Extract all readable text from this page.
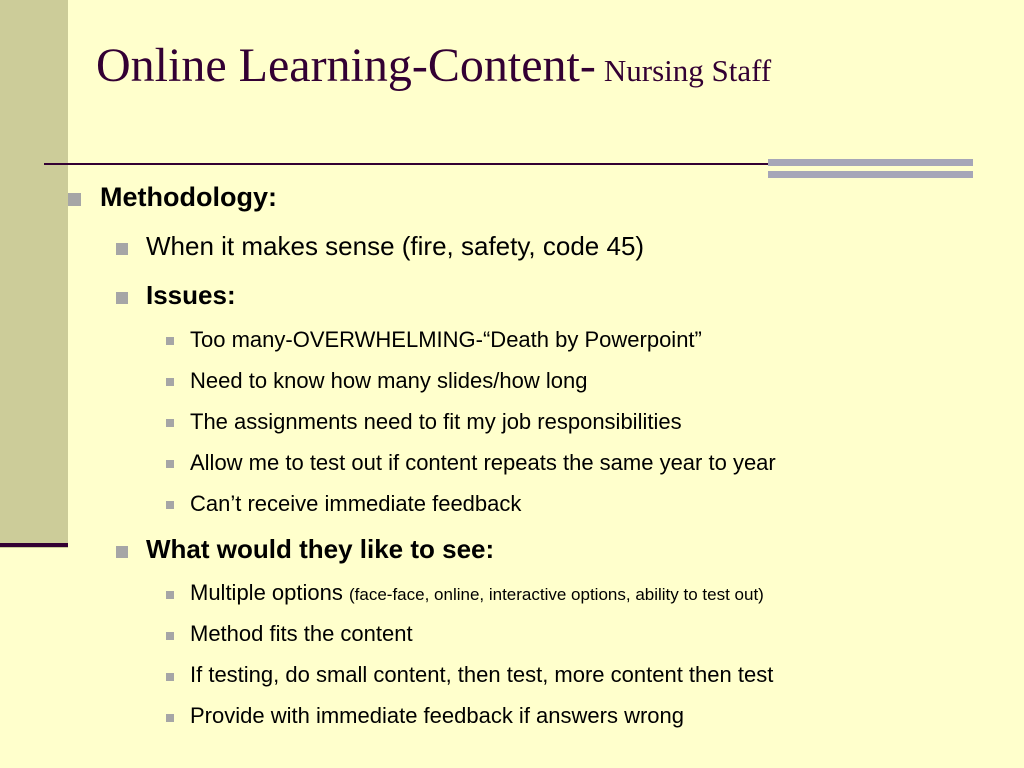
Online Learning-Content- Nursing Staff
Methodology:
When it makes sense (fire, safety, code 45)
Issues:
Too many-OVERWHELMING-“Death by Powerpoint”
Need to know how many slides/how long
The assignments need to fit my job responsibilities
Allow me to test out if content repeats the same year to year
Can’t receive immediate feedback
What would they like to see:
Multiple options (face-face, online, interactive options, ability to test out)
Method fits the content
If testing, do small content, then test, more content then test
Provide with immediate feedback if answers wrong
